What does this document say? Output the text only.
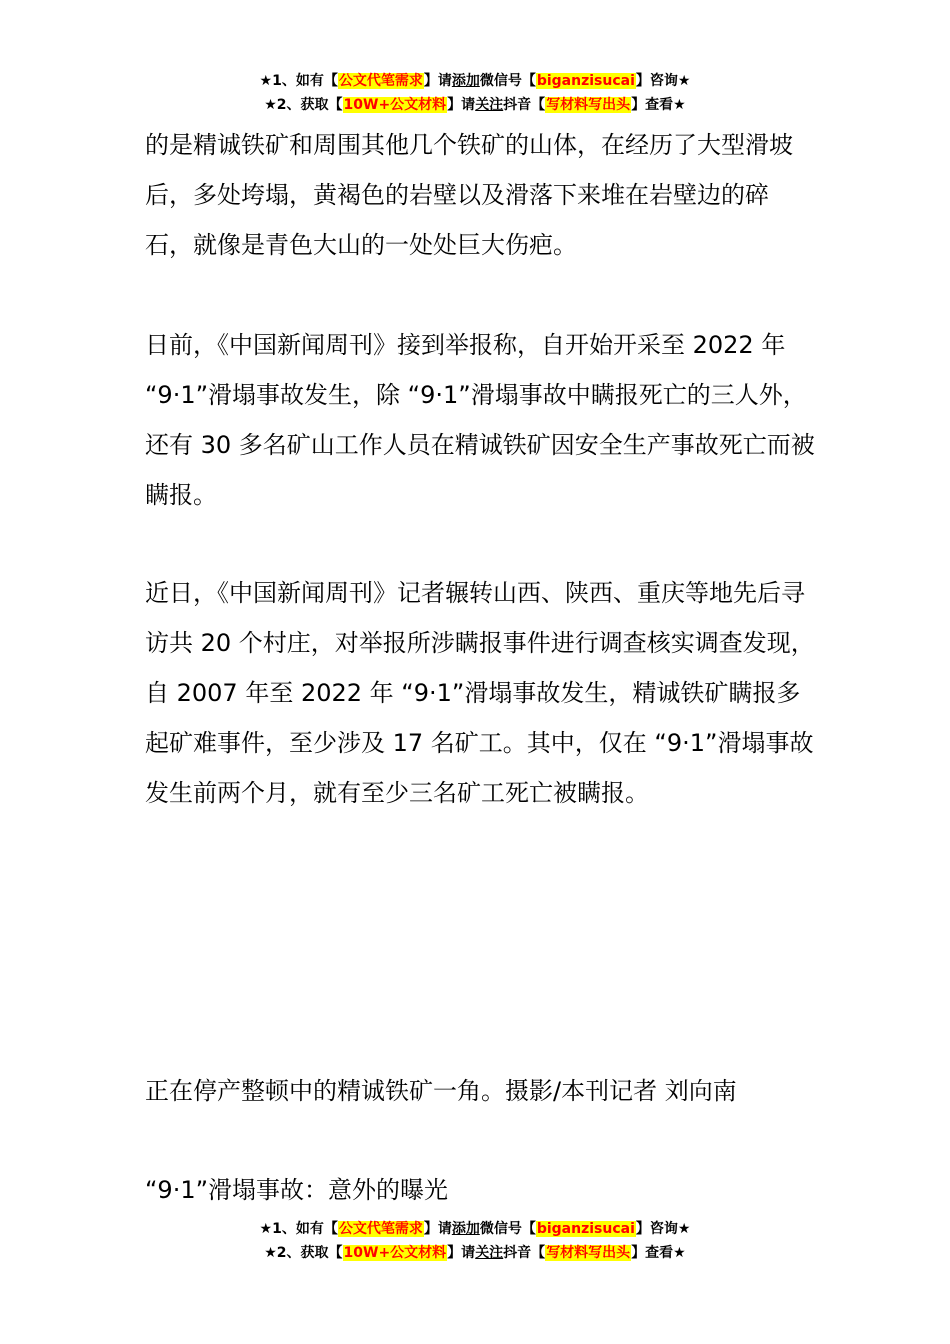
★1、如有【公文代笔需求】请添加微信号【biganzisucai】咨询★
★2、获取【10W+公文材料】请关注抖音【写材料写出头】查看★

的是精诚铁矿和周围其他几个铁矿的山体，在经历了大型滑坡后，多处垮塌，黄褐色的岩壁以及滑落下来堆在岩壁边的碎石，就像是青色大山的一处处巨大伤疤。

日前，《中国新闻周刊》接到举报称，自开始开采至 2022 年 “9·1”滑塌事故发生，除 “9·1”滑塌事故中瞒报死亡的三人外，还有 30 多名矿山工作人员在精诚铁矿因安全生产事故死亡而被瞒报。

近日，《中国新闻周刊》记者辗转山西、陕西、重庆等地先后寻访共 20 个村庄，对举报所涉瞒报事件进行调查核实调查发现，自 2007 年至 2022 年 “9·1”滑塌事故发生，精诚铁矿瞒报多起矿难事件，至少涉及 17 名矿工。其中，仅在 “9·1”滑塌事故发生前两个月，就有至少三名矿工死亡被瞒报。

正在停产整顿中的精诚铁矿一角。摄影/本刊记者 刘向南

“9·1”滑塌事故：意外的曝光

★1、如有【公文代笔需求】请添加微信号【biganzisucai】咨询★
★2、获取【10W+公文材料】请关注抖音【写材料写出头】查看★
